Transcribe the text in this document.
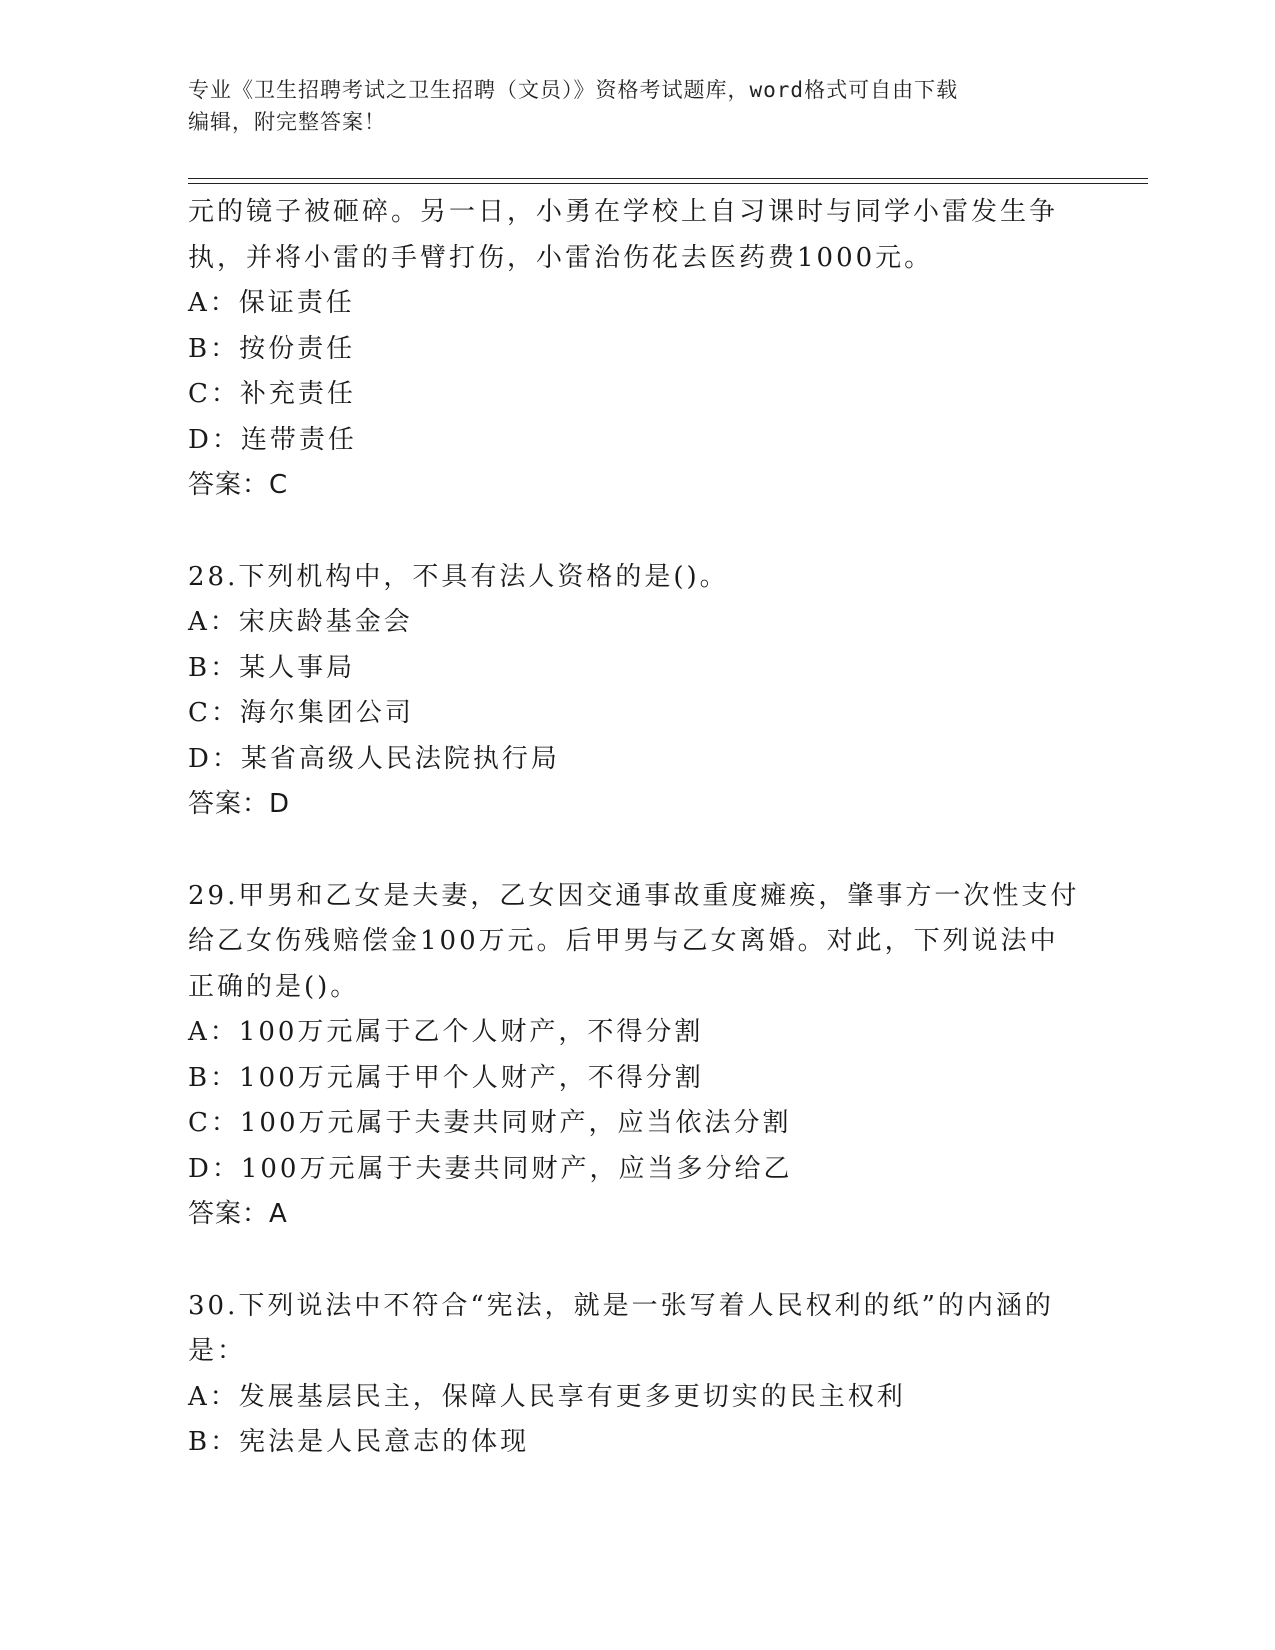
专业《卫生招聘考试之卫生招聘（文员）》资格考试题库，word格式可自由下载
编辑，附完整答案！
元的镜子被砸碎。另一日，小勇在学校上自习课时与同学小雷发生争
执，并将小雷的手臂打伤，小雷治伤花去医药费1000元。
A：保证责任
B：按份责任
C：补充责任
D：连带责任
答案：C
28.下列机构中，不具有法人资格的是()。
A：宋庆龄基金会
B：某人事局
C：海尔集团公司
D：某省高级人民法院执行局
答案：D
29.甲男和乙女是夫妻，乙女因交通事故重度瘫痪，肇事方一次性支付
给乙女伤残赔偿金100万元。后甲男与乙女离婚。对此，下列说法中
正确的是()。
A：100万元属于乙个人财产，不得分割
B：100万元属于甲个人财产，不得分割
C：100万元属于夫妻共同财产，应当依法分割
D：100万元属于夫妻共同财产，应当多分给乙
答案：A
30.下列说法中不符合“宪法，就是一张写着人民权利的纸”的内涵的
是：
A：发展基层民主，保障人民享有更多更切实的民主权利
B：宪法是人民意志的体现
